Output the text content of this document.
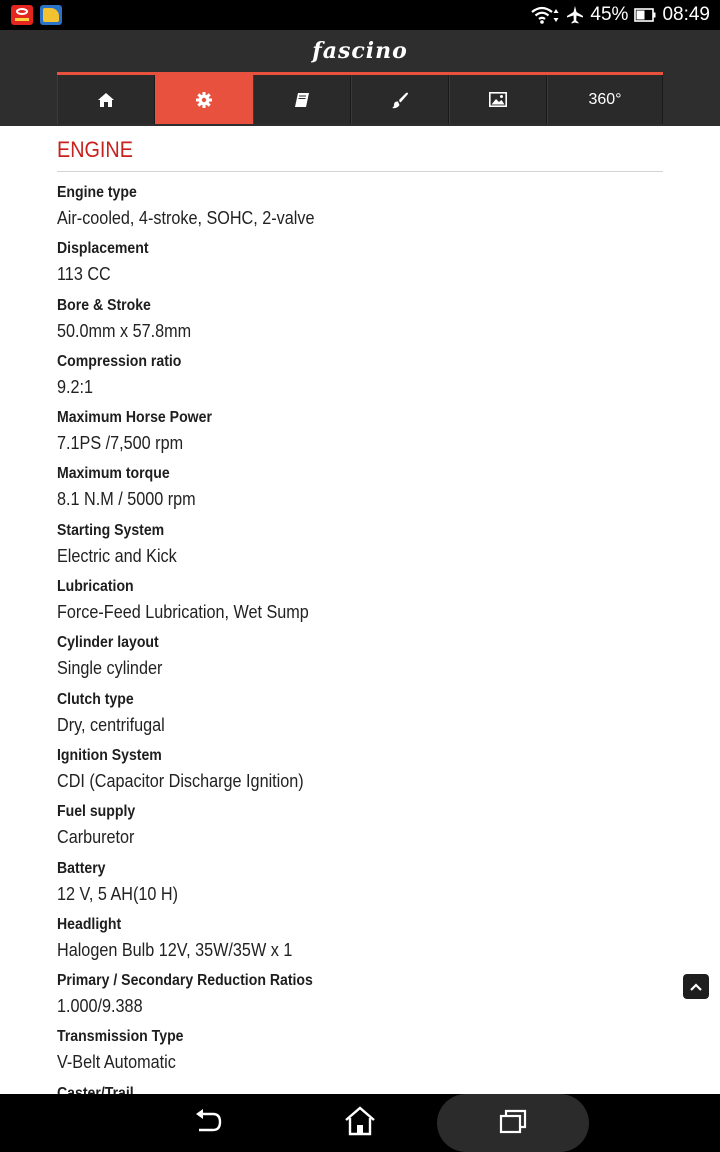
45% 08:49
fascino
360°
ENGINE
Engine type
Air-cooled, 4-stroke, SOHC, 2-valve
Displacement
113 CC
Bore & Stroke
50.0mm x 57.8mm
Compression ratio
9.2:1
Maximum Horse Power
7.1PS /7,500 rpm
Maximum torque
8.1 N.M / 5000 rpm
Starting System
Electric and Kick
Lubrication
Force-Feed Lubrication, Wet Sump
Cylinder layout
Single cylinder
Clutch type
Dry, centrifugal
Ignition System
CDI (Capacitor Discharge Ignition)
Fuel supply
Carburetor
Battery
12 V, 5 AH(10 H)
Headlight
Halogen Bulb 12V, 35W/35W x 1
Primary / Secondary Reduction Ratios
1.000/9.388
Transmission Type
V-Belt Automatic
